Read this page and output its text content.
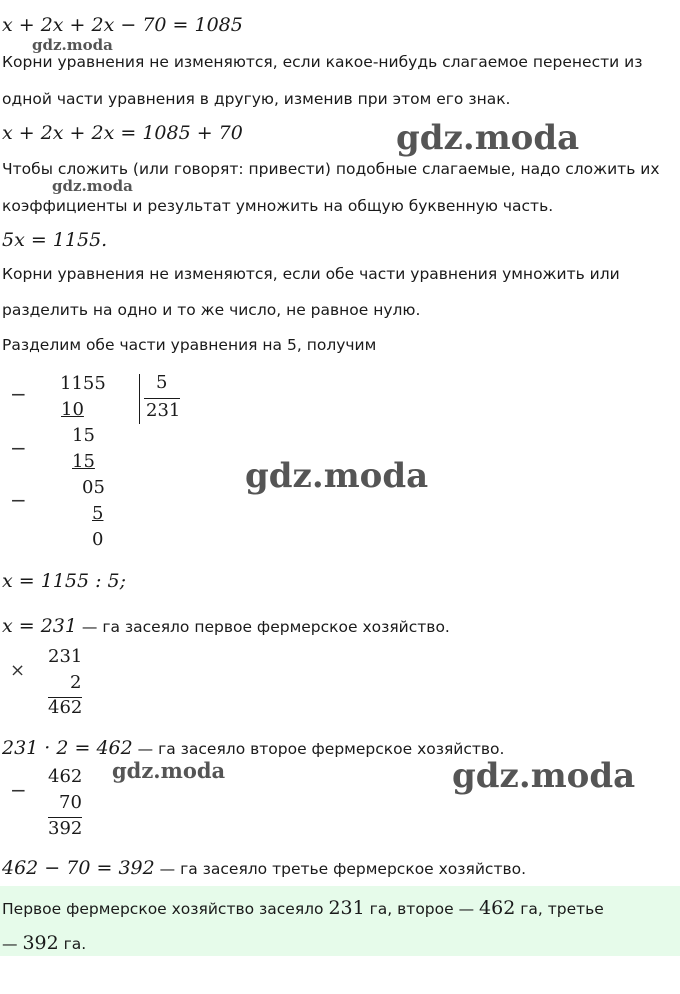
x + 2x + 2x − 70 = 1085
gdz.moda
Корни уравнения не изменяются, если какое-нибудь слагаемое перенести из
одной части уравнения в другую, изменив при этом его знак.
x + 2x + 2x = 1085 + 70	gdz.moda
Чтобы сложить (или говорят: привести) подобные слагаемые, надо сложить их
gdz.moda
коэффициенты и результат умножить на общую буквенную часть.
5x = 1155.
Корни уравнения не изменяются, если обе части уравнения умножить или
разделить на одно и то же число, не равное нулю.
Разделим обе части уравнения на 5, получим
−
−
−
1155
10
15
15
05
5
0
5
231
gdz.moda
x = 1155 : 5;
x = 231 — га засеяло первое фермерское хозяйство.
×
231
2
462
231 · 2 = 462 — га засеяло второе фермерское хозяйство.
−
462 gdz.moda	gdz.moda
70
392
462 − 70 = 392 — га засеяло третье фермерское хозяйство.
Первое фермерское хозяйство засеяло 231 га, второе — 462 га, третье
— 392 га.
